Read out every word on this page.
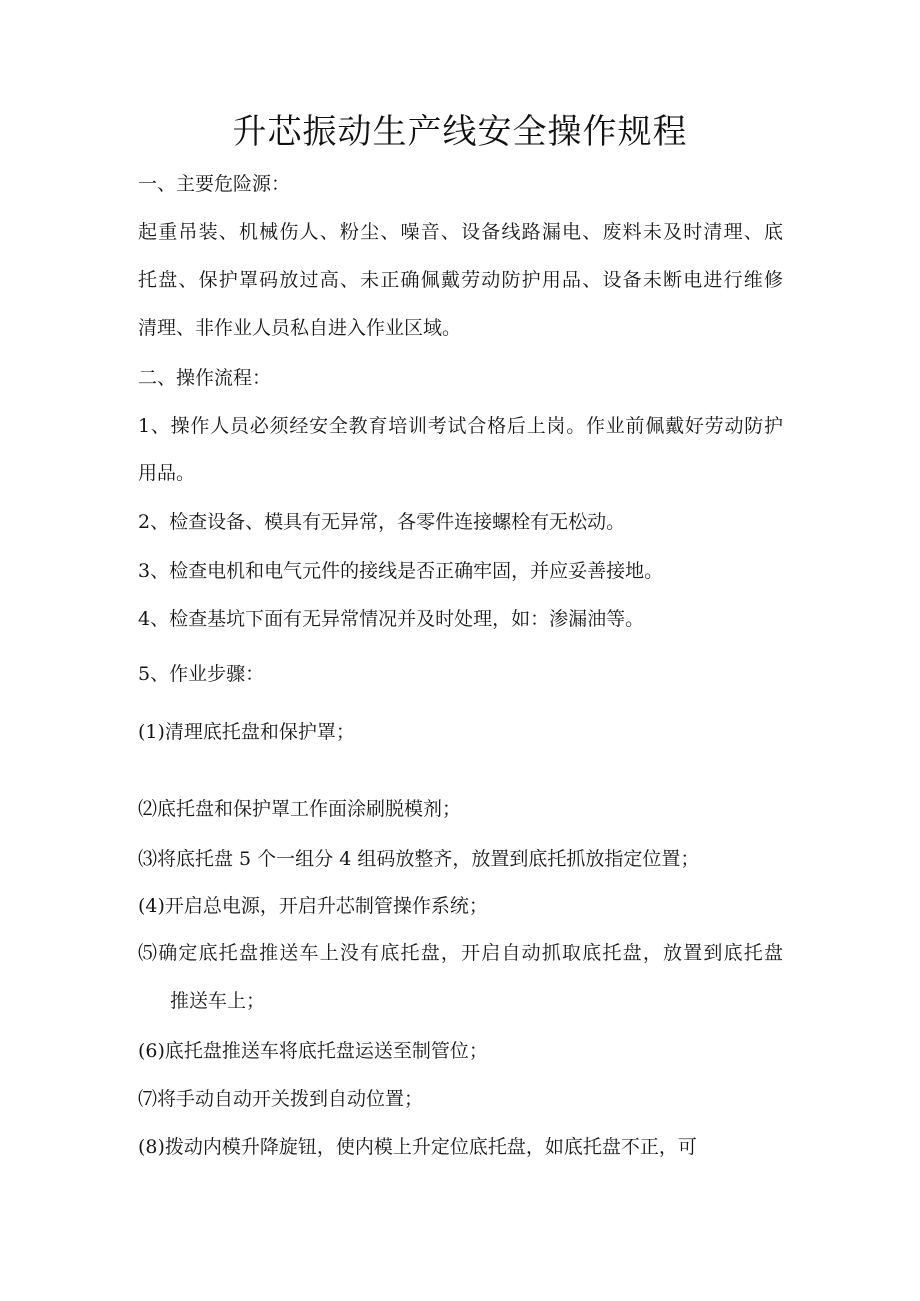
升芯振动生产线安全操作规程
一、主要危险源：
起重吊装、机械伤人、粉尘、噪音、设备线路漏电、废料未及时清理、底
托盘、保护罩码放过高、未正确佩戴劳动防护用品、设备未断电进行维修
清理、非作业人员私自进入作业区域。
二、操作流程：
1、操作人员必须经安全教育培训考试合格后上岗。作业前佩戴好劳动防护
用品。
2、检查设备、模具有无异常，各零件连接螺栓有无松动。
3、检查电机和电气元件的接线是否正确牢固，并应妥善接地。
4、检查基坑下面有无异常情况并及时处理，如：渗漏油等。
5、作业步骤：
(1)清理底托盘和保护罩；
⑵底托盘和保护罩工作面涂刷脱模剂；
⑶将底托盘 5 个一组分 4 组码放整齐，放置到底托抓放指定位置；
(4)开启总电源，开启升芯制管操作系统；
⑸确定底托盘推送车上没有底托盘，开启自动抓取底托盘，放置到底托盘
推送车上；
(6)底托盘推送车将底托盘运送至制管位；
⑺将手动自动开关拨到自动位置；
(8)拨动内模升降旋钮，使内模上升定位底托盘，如底托盘不正，可
